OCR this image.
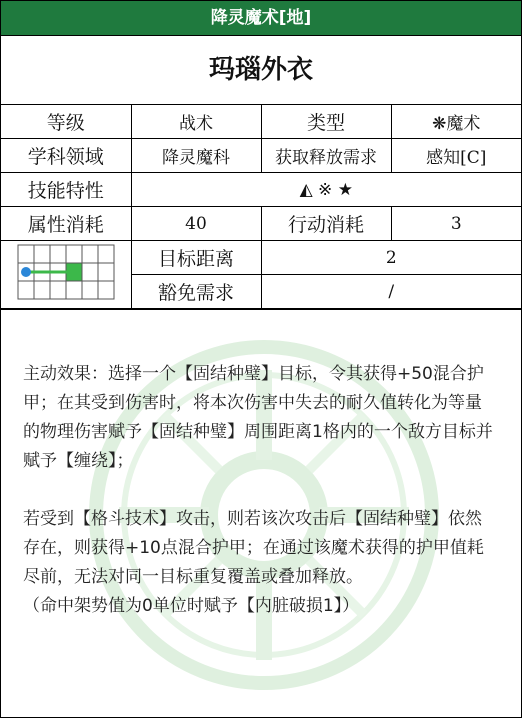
降灵魔术[地]
玛瑙外衣
等级	战术	类型	❋魔术
学科领域	降灵魔科	获取释放需求	感知[C]
技能特性	◭ ※ ★		
属性消耗	40	行动消耗	3
	目标距离	2	
	豁免需求	/	

主动效果：选择一个【固结种璧】目标，令其获得+50混合护甲；在其受到伤害时，将本次伤害中失去的耐久值转化为等量的物理伤害赋予【固结种璧】周围距离1格内的一个敌方目标并赋予【缠绕】；

若受到【格斗技术】攻击，则若该次攻击后【固结种璧】依然存在，则获得+10点混合护甲；在通过该魔术获得的护甲值耗尽前，无法对同一目标重复覆盖或叠加释放。

（命中架势值为0单位时赋予【内脏破损1】）
